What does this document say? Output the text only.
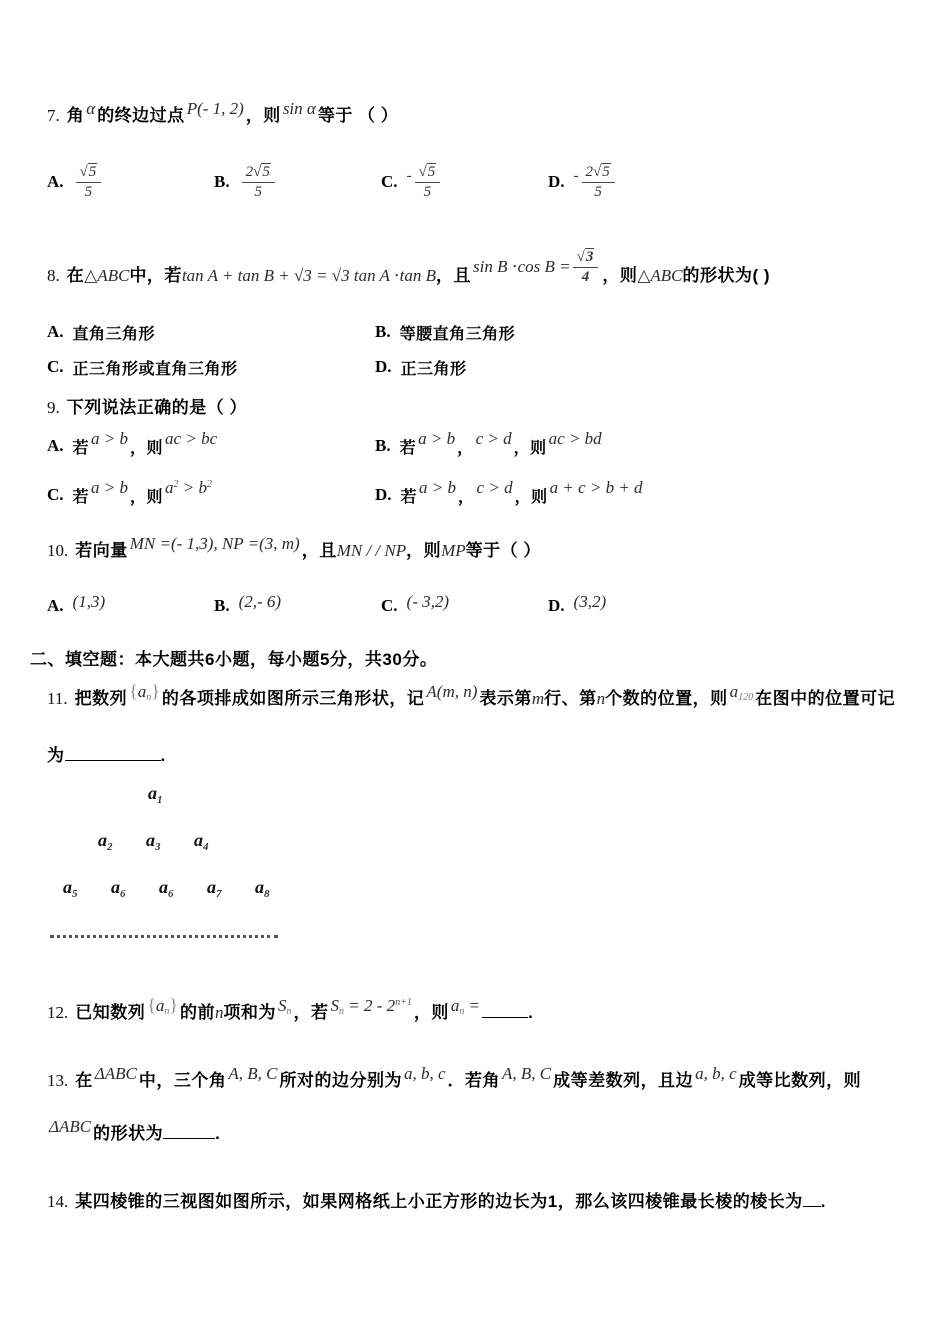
7. 角 α 的终边过点 P(- 1, 2) ，则 sin α 等于 （ ）
A. $\frac{√5}{5}$	B. $\frac{2√5}{5}$	C. - $\frac{√5}{5}$	D. - $\frac{2√5}{5}$
8. 在△ABC中，若tan A + tan B + √3 = √3 tan A ⋅tan B，且 sin B ⋅cos $B = \frac{√3}{4}$ ，则△ABC的形状为( )
A. 直角三角形	B. 等腰直角三角形
C. 正三角形或直角三角形	D. 正三角形
9. 下列说法正确的是（ ）
A. 若 a > b ，则 ac > bc	B. 若 a > b ， c > d ，则 ac > bd
C. 若 a > b ，则 $a^2 > b^2$
D. 若 a > b ， c > d ，则 a + c > b + d
10. 若向量 MN =(- 1,3), NP =(3, m) ，且MN / / NP，则MP等于（ ）
A. (1,3)	B. (2,- 6)	C. (- 3,2)	D. (3,2)
二、填空题：本大题共6小题，每小题5分，共30分。
11. 把数列 $\{a_n\}$ 的各项排成如图所示三角形状，记 A(m, n) 表示第m行、第n个数的位置，则 $a_{120}$ 在图中的位置可记
为	.
$a_1$
$a_2$	$a_3$	$a_4$
$a_5$	$a_6$	$a_6$	$a_7$	$a_8$
12. 已知数列 $\{a_n\}$ 的前n项和为 $S_n$ ，若 $S_n = 2 - 2^{n+1}$，则 $a_n$ =	.
13. 在 ΔABC 中，三个角 A, B, C 所对的边分别为 a, b, c ．若角 A, B, C 成等差数列，且边 a, b, c 成等比数列，则
ΔABC 的形状为	.
14. 某四棱锥的三视图如图所示，如果网格纸上小正方形的边长为1，那么该四棱锥最长棱的棱长为 .
